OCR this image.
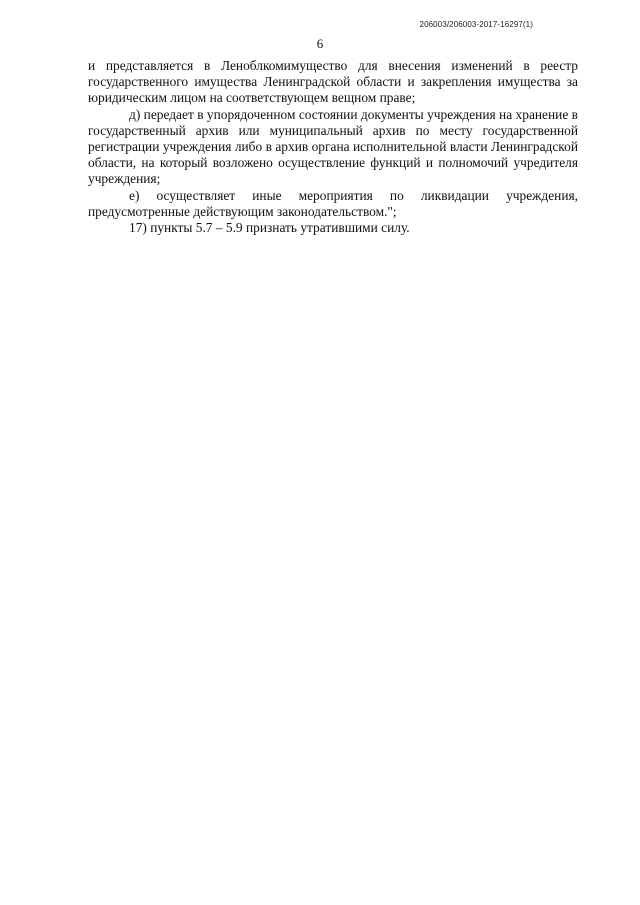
206003/206003-2017-16297(1)
6

и представляется в Леноблкомимущество для внесения изменений в реестр государственного имущества Ленинградской области и закрепления имущества за юридическим лицом на соответствующем вещном праве;

д) передает в упорядоченном состоянии документы учреждения на хранение в государственный архив или муниципальный архив по месту государственной регистрации учреждения либо в архив органа исполнительной власти Ленинградской области, на который возложено осуществление функций и полномочий учредителя учреждения;

е) осуществляет иные мероприятия по ликвидации учреждения, предусмотренные действующим законодательством.";

17) пункты 5.7 – 5.9 признать утратившими силу.
